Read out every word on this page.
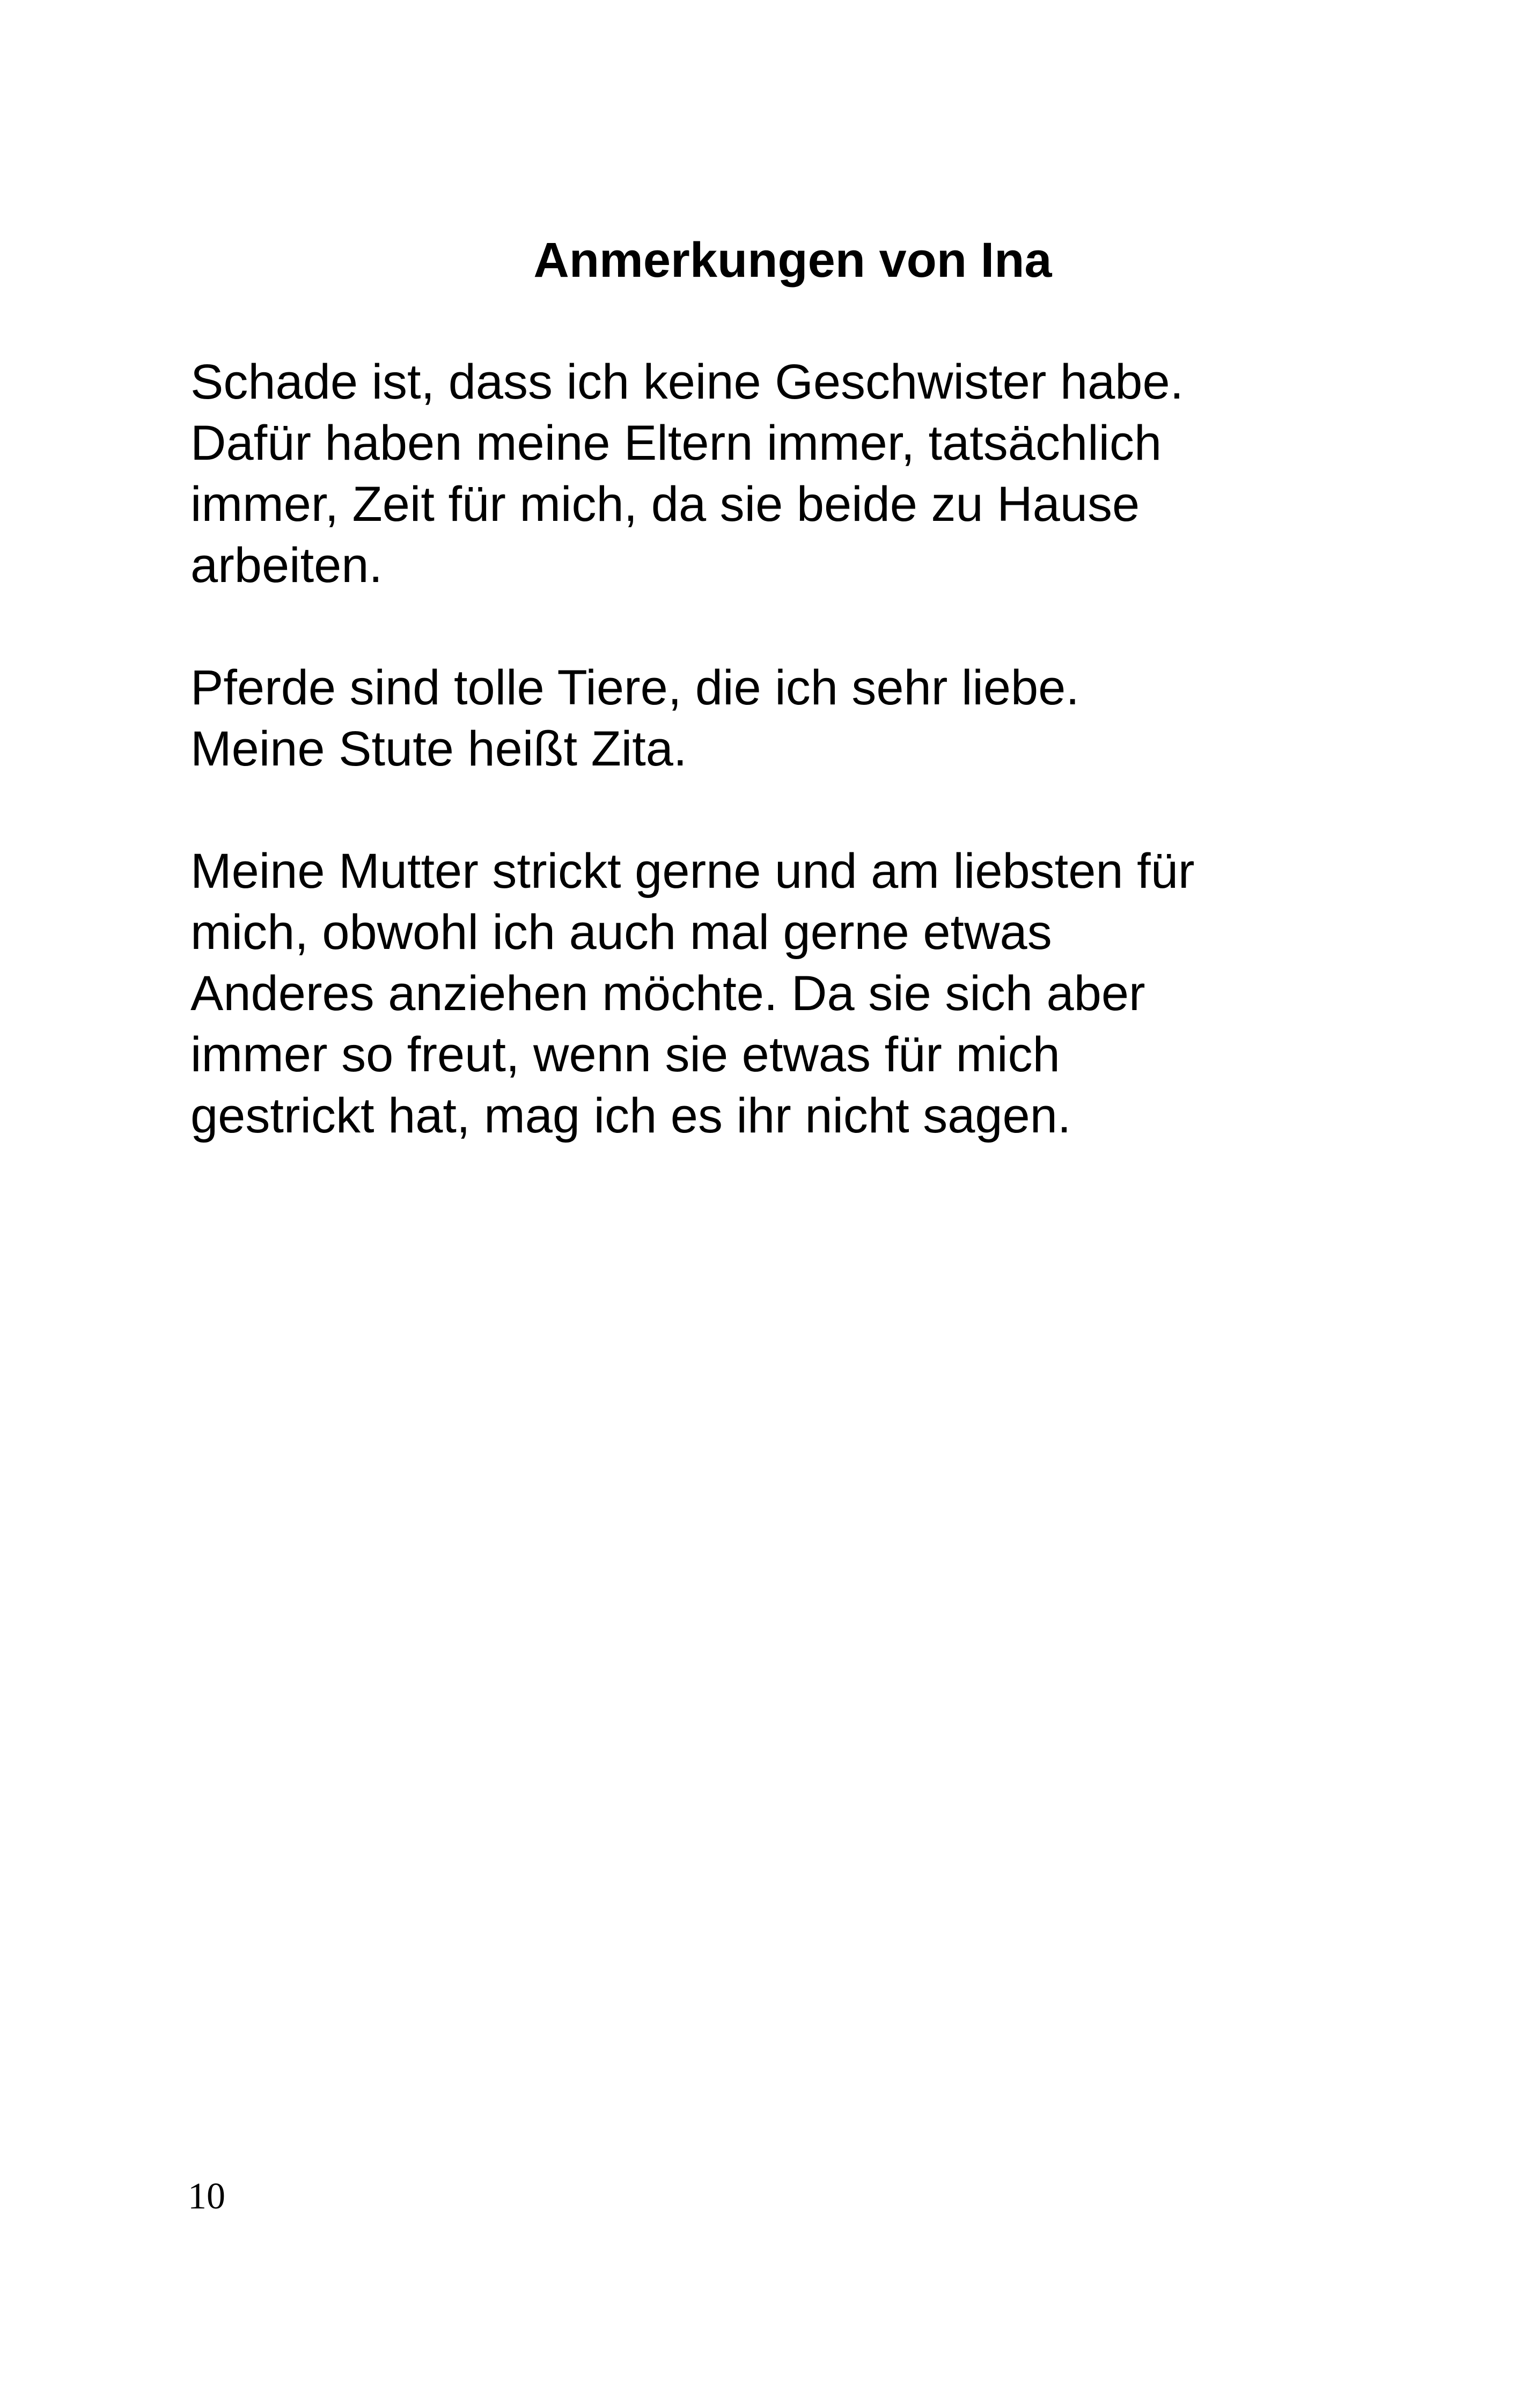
Anmerkungen von Ina

Schade ist, dass ich keine Geschwister habe.
Dafür haben meine Eltern immer, tatsächlich
immer, Zeit für mich, da sie beide zu Hause
arbeiten.

Pferde sind tolle Tiere, die ich sehr liebe.
Meine Stute heißt Zita.

Meine Mutter strickt gerne und am liebsten für
mich, obwohl ich auch mal gerne etwas
Anderes anziehen möchte. Da sie sich aber
immer so freut, wenn sie etwas für mich
gestrickt hat, mag ich es ihr nicht sagen.

10
